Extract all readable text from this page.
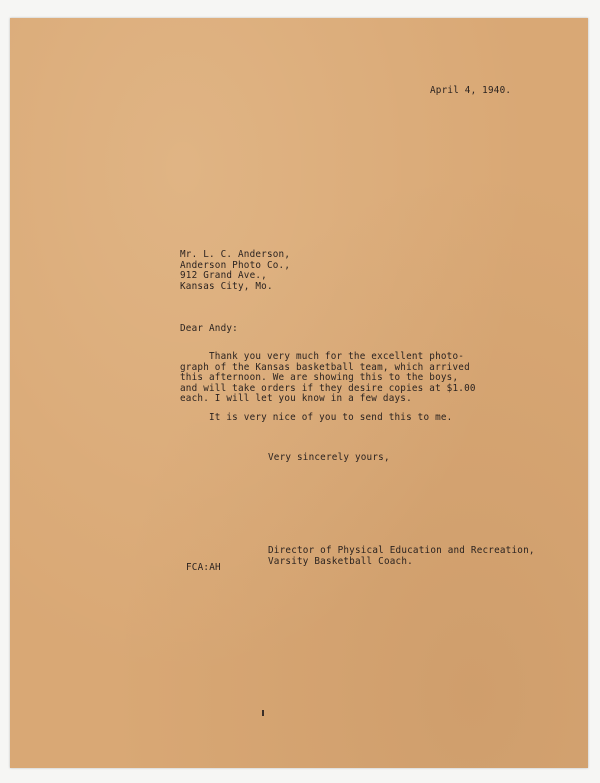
April 4, 1940.
Mr. L. C. Anderson,
Anderson Photo Co.,
912 Grand Ave.,
Kansas City, Mo.
Dear Andy:
Thank you very much for the excellent photo-
graph of the Kansas basketball team, which arrived
this afternoon. We are showing this to the boys,
and will take orders if they desire copies at $1.00
each. I will let you know in a few days.
It is very nice of you to send this to me.
Very sincerely yours,
Director of Physical Education and Recreation,
Varsity Basketball Coach.
FCA:AH
